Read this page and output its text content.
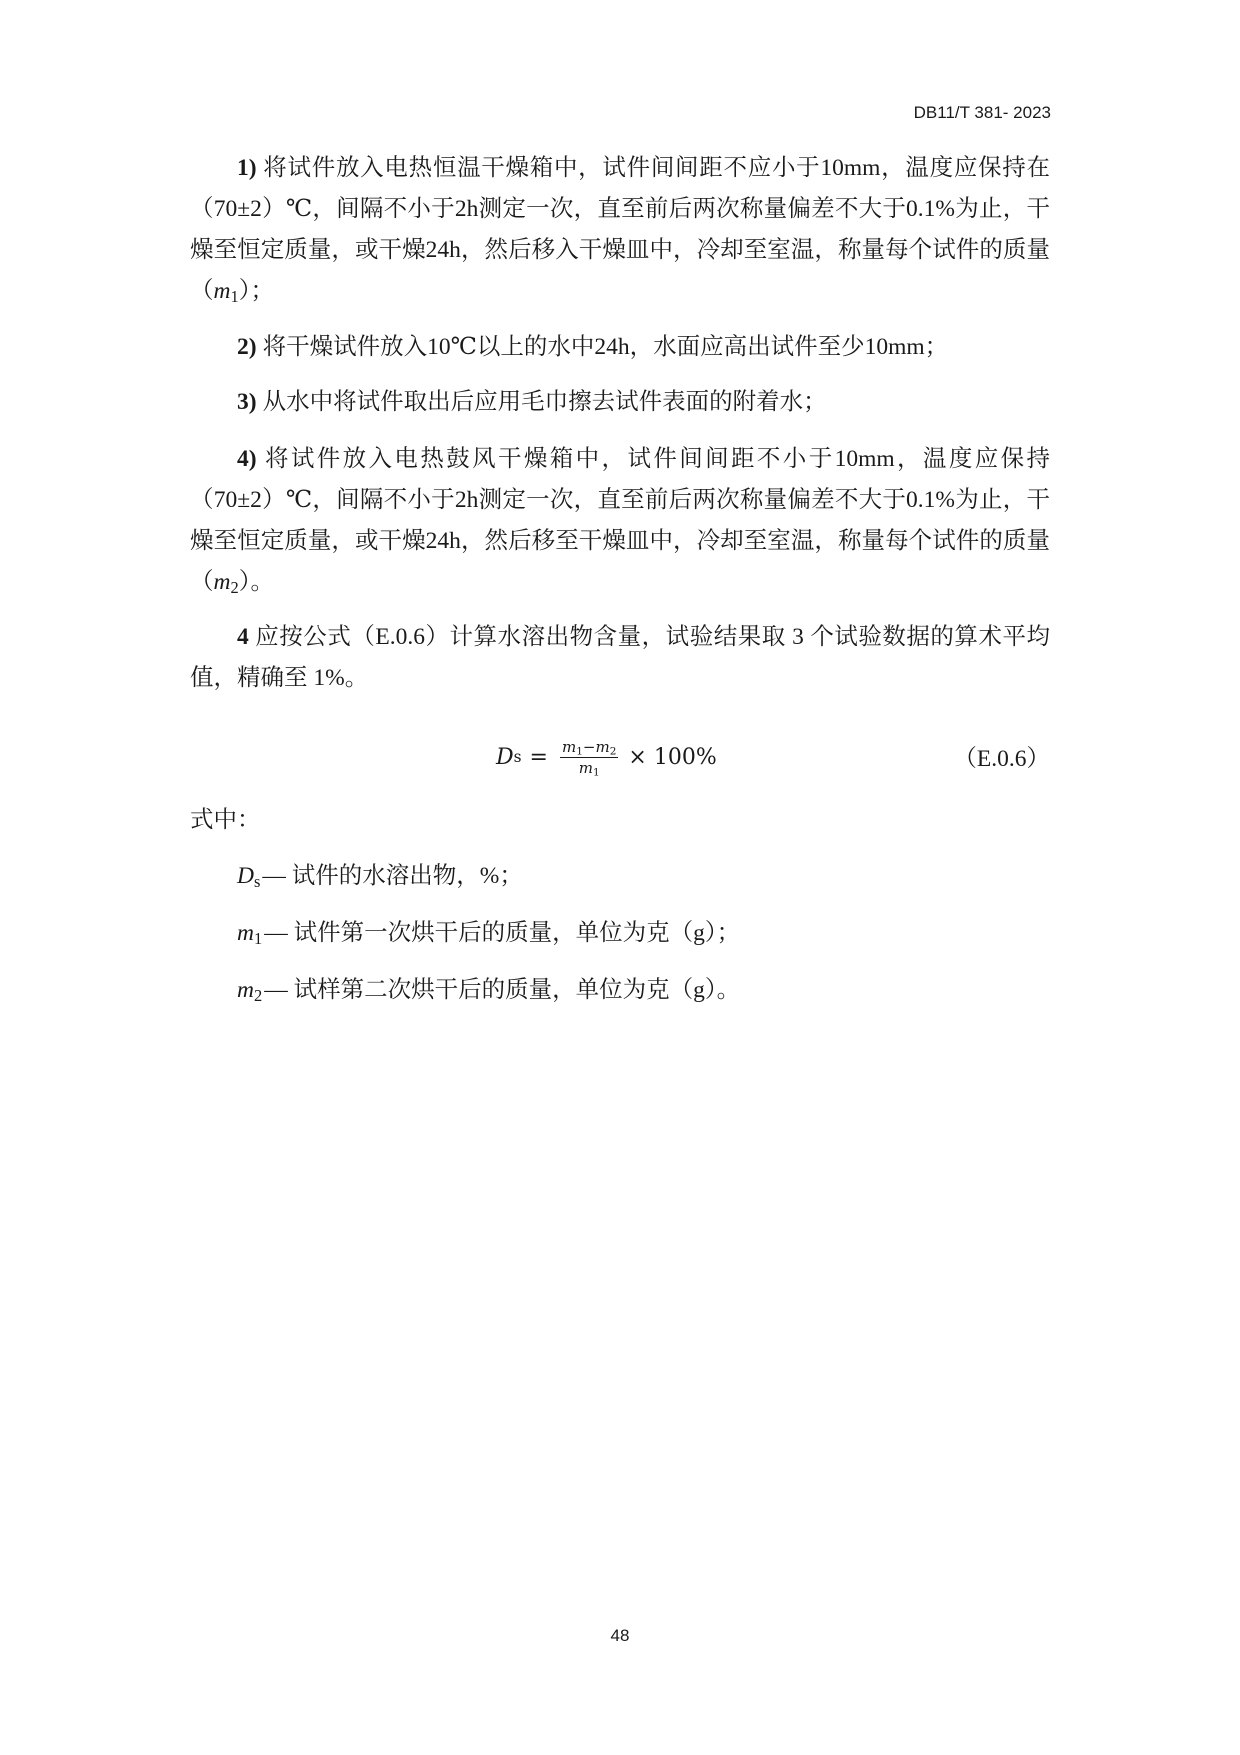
DB11/T 381- 2023

1) 将试件放入电热恒温干燥箱中，试件间间距不应小于10mm，温度应保持在（70±2）℃，间隔不小于2h测定一次，直至前后两次称量偏差不大于0.1%为止，干燥至恒定质量，或干燥24h，然后移入干燥皿中，冷却至室温，称量每个试件的质量$(m_1)$；

2) 将干燥试件放入10℃以上的水中24h，水面应高出试件至少10mm；

3) 从水中将试件取出后应用毛巾擦去试件表面的附着水；

4) 将试件放入电热鼓风干燥箱中，试件间间距不小于10mm，温度应保持（70±2）℃，间隔不小于2h测定一次，直至前后两次称量偏差不大于0.1%为止，干燥至恒定质量，或干燥24h，然后移至干燥皿中，冷却至室温，称量每个试件的质量$(m_2)$。

4 应按公式（E.0.6）计算水溶出物含量，试验结果取 3 个试验数据的算术平均值，精确至 1%。

D $s = \frac{m_1-m_2}{m_1} \times 100\%$	（E.0.6）
式中：
$D_s—$ 试件的水溶出物，%；
$m_1—$ 试件第一次烘干后的质量，单位为克（g）；
$m_2—$ 试样第二次烘干后的质量，单位为克（g）。
48
